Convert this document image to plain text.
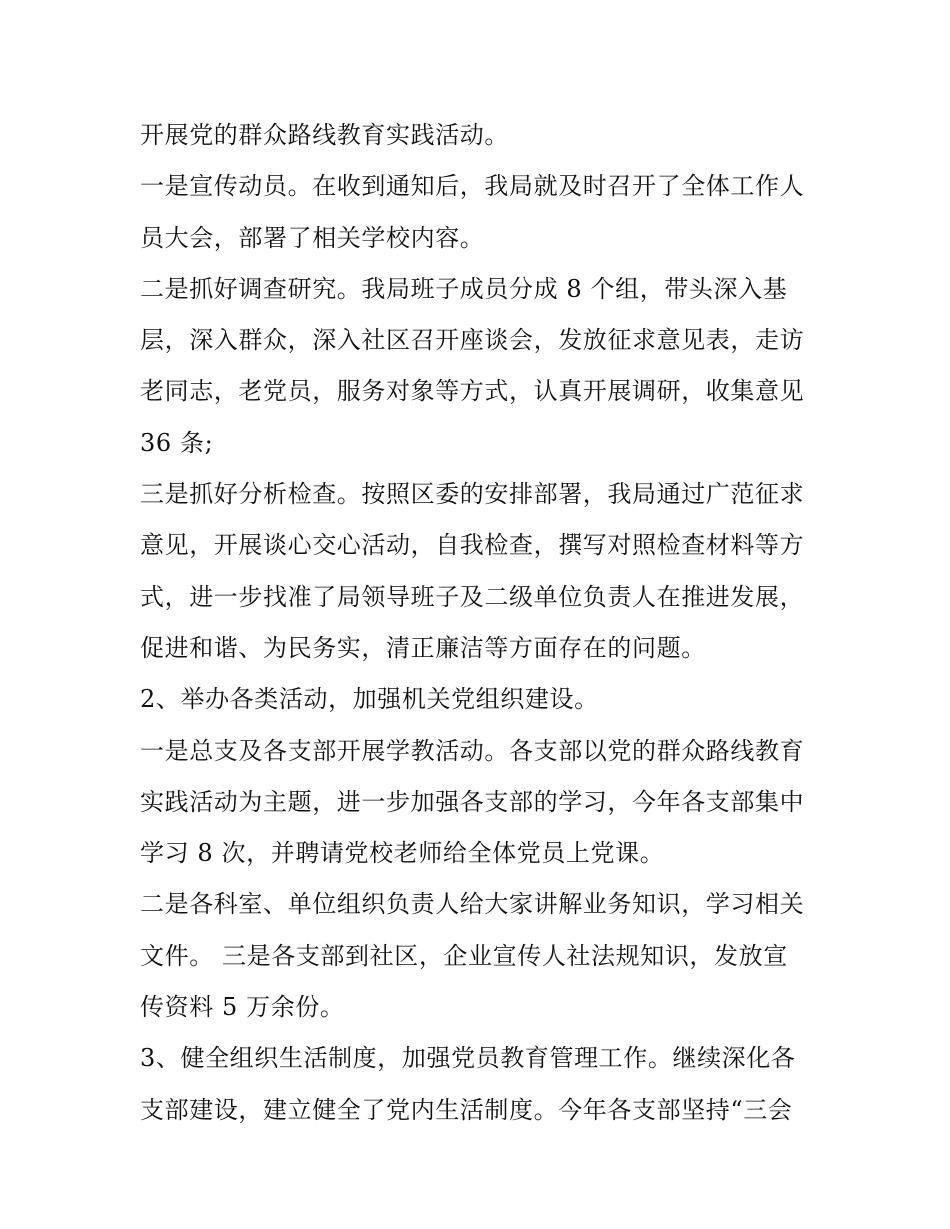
开展党的群众路线教育实践活动。
一是宣传动员。在收到通知后，我局就及时召开了全体工作人
员大会，部署了相关学校内容。
二是抓好调查研究。我局班子成员分成 8 个组，带头深入基
层，深入群众，深入社区召开座谈会，发放征求意见表，走访
老同志，老党员，服务对象等方式，认真开展调研，收集意见
36 条;
三是抓好分析检查。按照区委的安排部署，我局通过广范征求
意见，开展谈心交心活动，自我检查，撰写对照检查材料等方
式，进一步找准了局领导班子及二级单位负责人在推进发展，
促进和谐、为民务实，清正廉洁等方面存在的问题。
2、举办各类活动，加强机关党组织建设。
一是总支及各支部开展学教活动。各支部以党的群众路线教育
实践活动为主题，进一步加强各支部的学习，今年各支部集中
学习 8 次，并聘请党校老师给全体党员上党课。
二是各科室、单位组织负责人给大家讲解业务知识，学习相关
文件。 三是各支部到社区，企业宣传人社法规知识，发放宣
传资料 5 万余份。
3、健全组织生活制度，加强党员教育管理工作。继续深化各
支部建设，建立健全了党内生活制度。今年各支部坚持“三会
